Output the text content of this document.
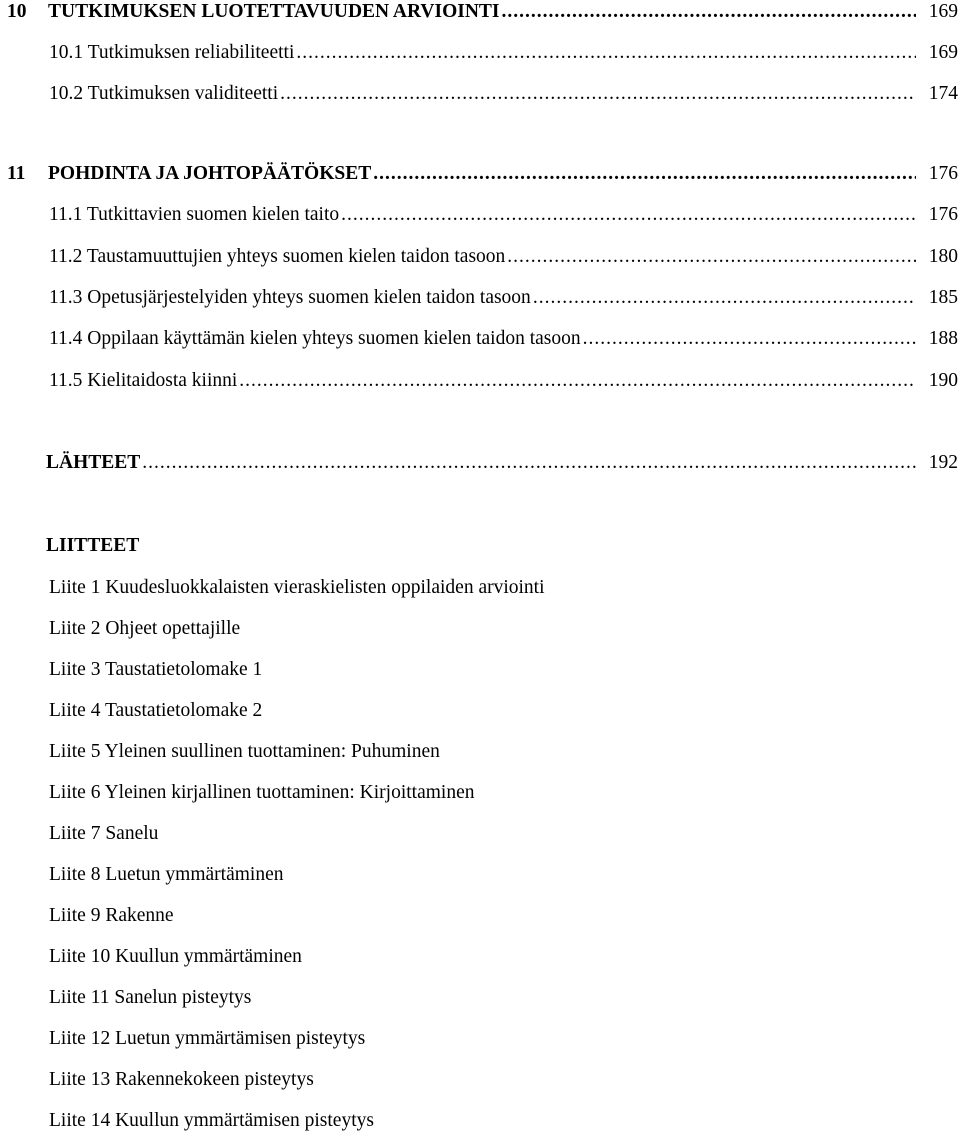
10	TUTKIMUKSEN LUOTETTAVUUDEN ARVIOINTI .....	169
10.1 Tutkimuksen reliabiliteetti .....	169
10.2 Tutkimuksen validiteetti .....	174
11	POHDINTA JA JOHTOPÄÄTÖKSET .....	176
11.1 Tutkittavien suomen kielen taito .....	176
11.2 Taustamuuttujien yhteys suomen kielen taidon tasoon .....	180
11.3 Opetusjärjestelyiden yhteys suomen kielen taidon tasoon .....	185
11.4 Oppilaan käyttämän kielen yhteys suomen kielen taidon tasoon .....	188
11.5 Kielitaidosta kiinni .....	190
LÄHTEET .....	192
LIITTEET
Liite 1 Kuudesluokkalaisten vieraskielisten oppilaiden arviointi
Liite 2 Ohjeet opettajille
Liite 3 Taustatietolomake 1
Liite 4 Taustatietolomake 2
Liite 5 Yleinen suullinen tuottaminen: Puhuminen
Liite 6 Yleinen kirjallinen tuottaminen: Kirjoittaminen
Liite 7 Sanelu
Liite 8 Luetun ymmärtäminen
Liite 9 Rakenne
Liite 10 Kuullun ymmärtäminen
Liite 11 Sanelun pisteytys
Liite 12 Luetun ymmärtämisen pisteytys
Liite 13 Rakennekokeen pisteytys
Liite 14 Kuullun ymmärtämisen pisteytys
